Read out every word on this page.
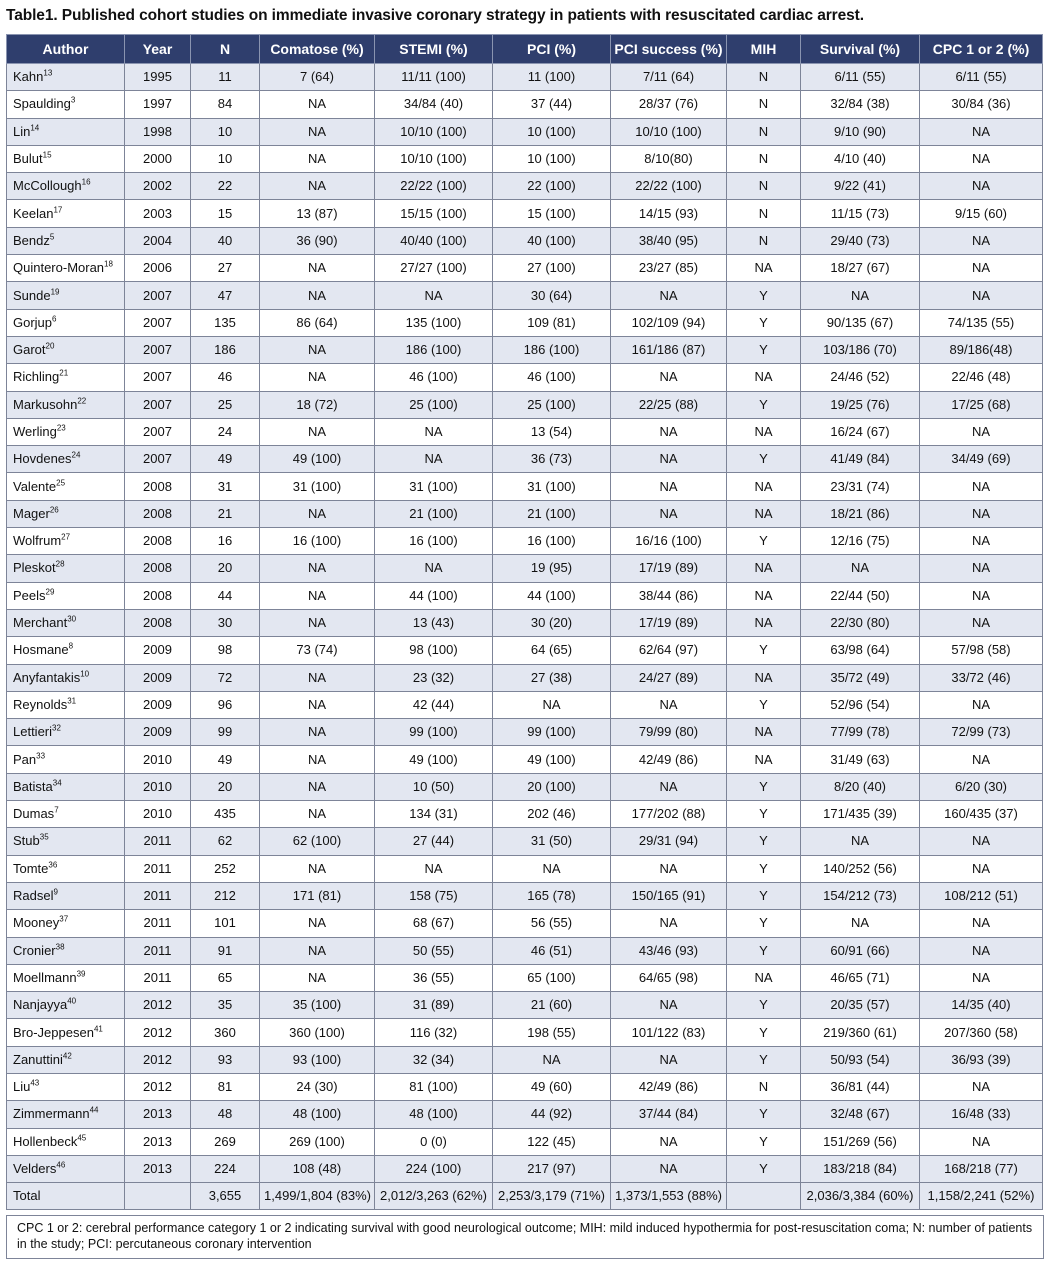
Table1. Published cohort studies on immediate invasive coronary strategy in patients with resuscitated cardiac arrest.
Author	Year	N	Comatose (%)	STEMI (%)	PCI (%)	PCI success (%)	MIH	Survival (%)	CPC 1 or 2 (%)
Kahn$^{13}$	1995	11	7 (64)	11/11 (100)	11 (100)	7/11 (64)	N	6/11 (55)	6/11 (55)
Spaulding$^3$	1997	84	NA	34/84 (40)	37 (44)	28/37 (76)	N	32/84 (38)	30/84 (36)
Lin$^{14}$	1998	10	NA	10/10 (100)	10 (100)	10/10 (100)	N	9/10 (90)	NA
Bulut$^{15}$	2000	10	NA	10/10 (100)	10 (100)	8/10(80)	N	4/10 (40)	NA
McCollough$^{16}$	2002	22	NA	22/22 (100)	22 (100)	22/22 (100)	N	9/22 (41)	NA
Keelan$^{17}$	2003	15	13 (87)	15/15 (100)	15 (100)	14/15 (93)	N	11/15 (73)	9/15 (60)
Bendz$^5$	2004	40	36 (90)	40/40 (100)	40 (100)	38/40 (95)	N	29/40 (73)	NA
Quintero-Moran$^{18}$	2006	27	NA	27/27 (100)	27 (100)	23/27 (85)	NA	18/27 (67)	NA
Sunde$^{19}$	2007	47	NA	NA	30 (64)	NA	Y	NA	NA
Gorjup$^6$	2007	135	86 (64)	135 (100)	109 (81)	102/109 (94)	Y	90/135 (67)	74/135 (55)
Garot$^{20}$	2007	186	NA	186 (100)	186 (100)	161/186 (87)	Y	103/186 (70)	89/186(48)
Richling$^{21}$	2007	46	NA	46 (100)	46 (100)	NA	NA	24/46 (52)	22/46 (48)
Markusohn$^{22}$	2007	25	18 (72)	25 (100)	25 (100)	22/25 (88)	Y	19/25 (76)	17/25 (68)
Werling$^{23}$	2007	24	NA	NA	13 (54)	NA	NA	16/24 (67)	NA
Hovdenes$^{24}$	2007	49	49 (100)	NA	36 (73)	NA	Y	41/49 (84)	34/49 (69)
Valente$^{25}$	2008	31	31 (100)	31 (100)	31 (100)	NA	NA	23/31 (74)	NA
Mager$^{26}$	2008	21	NA	21 (100)	21 (100)	NA	NA	18/21 (86)	NA
Wolfrum$^{27}$	2008	16	16 (100)	16 (100)	16 (100)	16/16 (100)	Y	12/16 (75)	NA
Pleskot$^{28}$	2008	20	NA	NA	19 (95)	17/19 (89)	NA	NA	NA
Peels$^{29}$	2008	44	NA	44 (100)	44 (100)	38/44 (86)	NA	22/44 (50)	NA
Merchant$^{30}$	2008	30	NA	13 (43)	30 (20)	17/19 (89)	NA	22/30 (80)	NA
Hosmane$^8$	2009	98	73 (74)	98 (100)	64 (65)	62/64 (97)	Y	63/98 (64)	57/98 (58)
Anyfantakis$^{10}$	2009	72	NA	23 (32)	27 (38)	24/27 (89)	NA	35/72 (49)	33/72 (46)
Reynolds$^{31}$	2009	96	NA	42 (44)	NA	NA	Y	52/96 (54)	NA
Lettieri$^{32}$	2009	99	NA	99 (100)	99 (100)	79/99 (80)	NA	77/99 (78)	72/99 (73)
Pan$^{33}$	2010	49	NA	49 (100)	49 (100)	42/49 (86)	NA	31/49 (63)	NA
Batista$^{34}$	2010	20	NA	10 (50)	20 (100)	NA	Y	8/20 (40)	6/20 (30)
Dumas$^7$	2010	435	NA	134 (31)	202 (46)	177/202 (88)	Y	171/435 (39)	160/435 (37)
Stub$^{35}$	2011	62	62 (100)	27 (44)	31 (50)	29/31 (94)	Y	NA	NA
Tomte$^{36}$	2011	252	NA	NA	NA	NA	Y	140/252 (56)	NA
Radsel$^9$	2011	212	171 (81)	158 (75)	165 (78)	150/165 (91)	Y	154/212 (73)	108/212 (51)
Mooney$^{37}$	2011	101	NA	68 (67)	56 (55)	NA	Y	NA	NA
Cronier$^{38}$	2011	91	NA	50 (55)	46 (51)	43/46 (93)	Y	60/91 (66)	NA
Moellmann$^{39}$	2011	65	NA	36 (55)	65 (100)	64/65 (98)	NA	46/65 (71)	NA
Nanjayya$^{40}$	2012	35	35 (100)	31 (89)	21 (60)	NA	Y	20/35 (57)	14/35 (40)
Bro-Jeppesen$^{41}$	2012	360	360 (100)	116 (32)	198 (55)	101/122 (83)	Y	219/360 (61)	207/360 (58)
Zanuttini$^{42}$	2012	93	93 (100)	32 (34)	NA	NA	Y	50/93 (54)	36/93 (39)
Liu$^{43}$	2012	81	24 (30)	81 (100)	49 (60)	42/49 (86)	N	36/81 (44)	NA
Zimmermann$^{44}$	2013	48	48 (100)	48 (100)	44 (92)	37/44 (84)	Y	32/48 (67)	16/48 (33)
Hollenbeck$^{45}$	2013	269	269 (100)	0 (0)	122 (45)	NA	Y	151/269 (56)	NA
Velders$^{46}$	2013	224	108 (48)	224 (100)	217 (97)	NA	Y	183/218 (84)	168/218 (77)
Total		3,655	1,499/1,804 (83%)	2,012/3,263 (62%)	2,253/3,179 (71%)	1,373/1,553 (88%)		2,036/3,384 (60%)	1,158/2,241 (52%)
CPC 1 or 2: cerebral performance category 1 or 2 indicating survival with good neurological outcome; MIH: mild induced hypothermia for post-resuscitation coma; N: number of patients in the study; PCI: percutaneous coronary intervention
